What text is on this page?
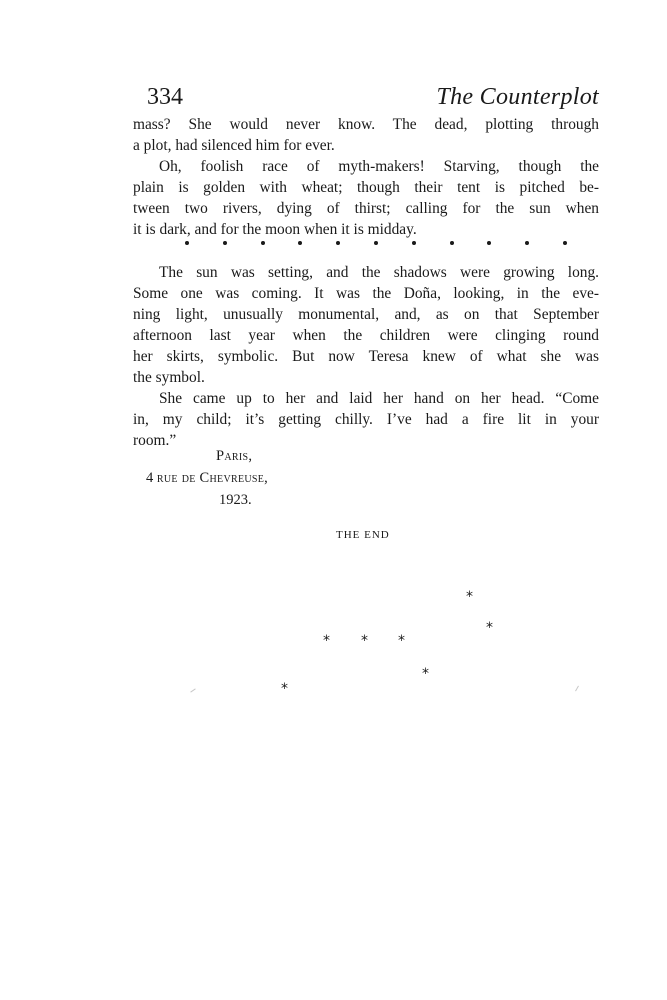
334	The Counterplot
mass? She would never know. The dead, plotting through
a plot, had silenced him for ever.
Oh, foolish race of myth-makers! Starving, though the
plain is golden with wheat; though their tent is pitched be-
tween two rivers, dying of thirst; calling for the sun when
it is dark, and for the moon when it is midday.
The sun was setting, and the shadows were growing long.
Some one was coming. It was the Doña, looking, in the eve-
ning light, unusually monumental, and, as on that September
afternoon last year when the children were clinging round
her skirts, symbolic. But now Teresa knew of what she was
the symbol.
She came up to her and laid her hand on her head. “Come
in, my child; it’s getting chilly. I’ve had a fire lit in your
room.”
Paris,
4 rue de Chevreuse,
1923.
THE END
*
*
* * *
*
*
